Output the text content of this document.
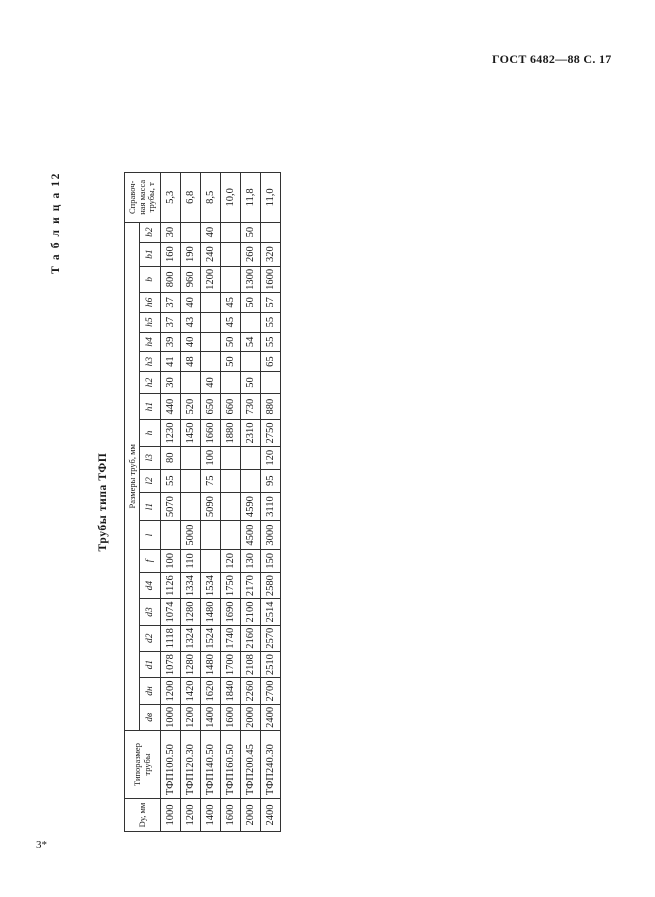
ГОСТ 6482—88 С. 17
3*
Т а б л и ц а 12
Трубы типа ТФП
Dу, мм	Типоразмер трубы	Размеры труб, мм																					Справоч- ная масса трубы, т
		dв	dн	d1	d2	d3	d4	f	l	l1	l2	l3	h	h1	h2	h3	h4	h5	h6	b	b1	b2	
1000	ТФП100.50	1000	1200	1078	1118	1074	1126	100		5070	55	80	1230	440	30	41	39	37	37	800	160	30	5,3
1200	ТФП120.30	1200	1420	1280	1324	1280	1334	110	5000				1450	520		48	40	43	40	960	190		6,8
1400	ТФП140.50	1400	1620	1480	1524	1480	1534			5090	75	100	1660	650	40					1200	240	40	8,5
1600	ТФП160.50	1600	1840	1700	1740	1690	1750	120					1880	660		50	50	45	45				10,0
2000	ТФП200.45	2000	2260	2108	2160	2100	2170	130	4500	4590			2310	730	50		54		50	1300	260	50	11,8
2400	ТФП240.30	2400	2700	2510	2570	2514	2580	150	3000	3110	95	120	2750	880		65	55	55	57	1600	320		11,0
